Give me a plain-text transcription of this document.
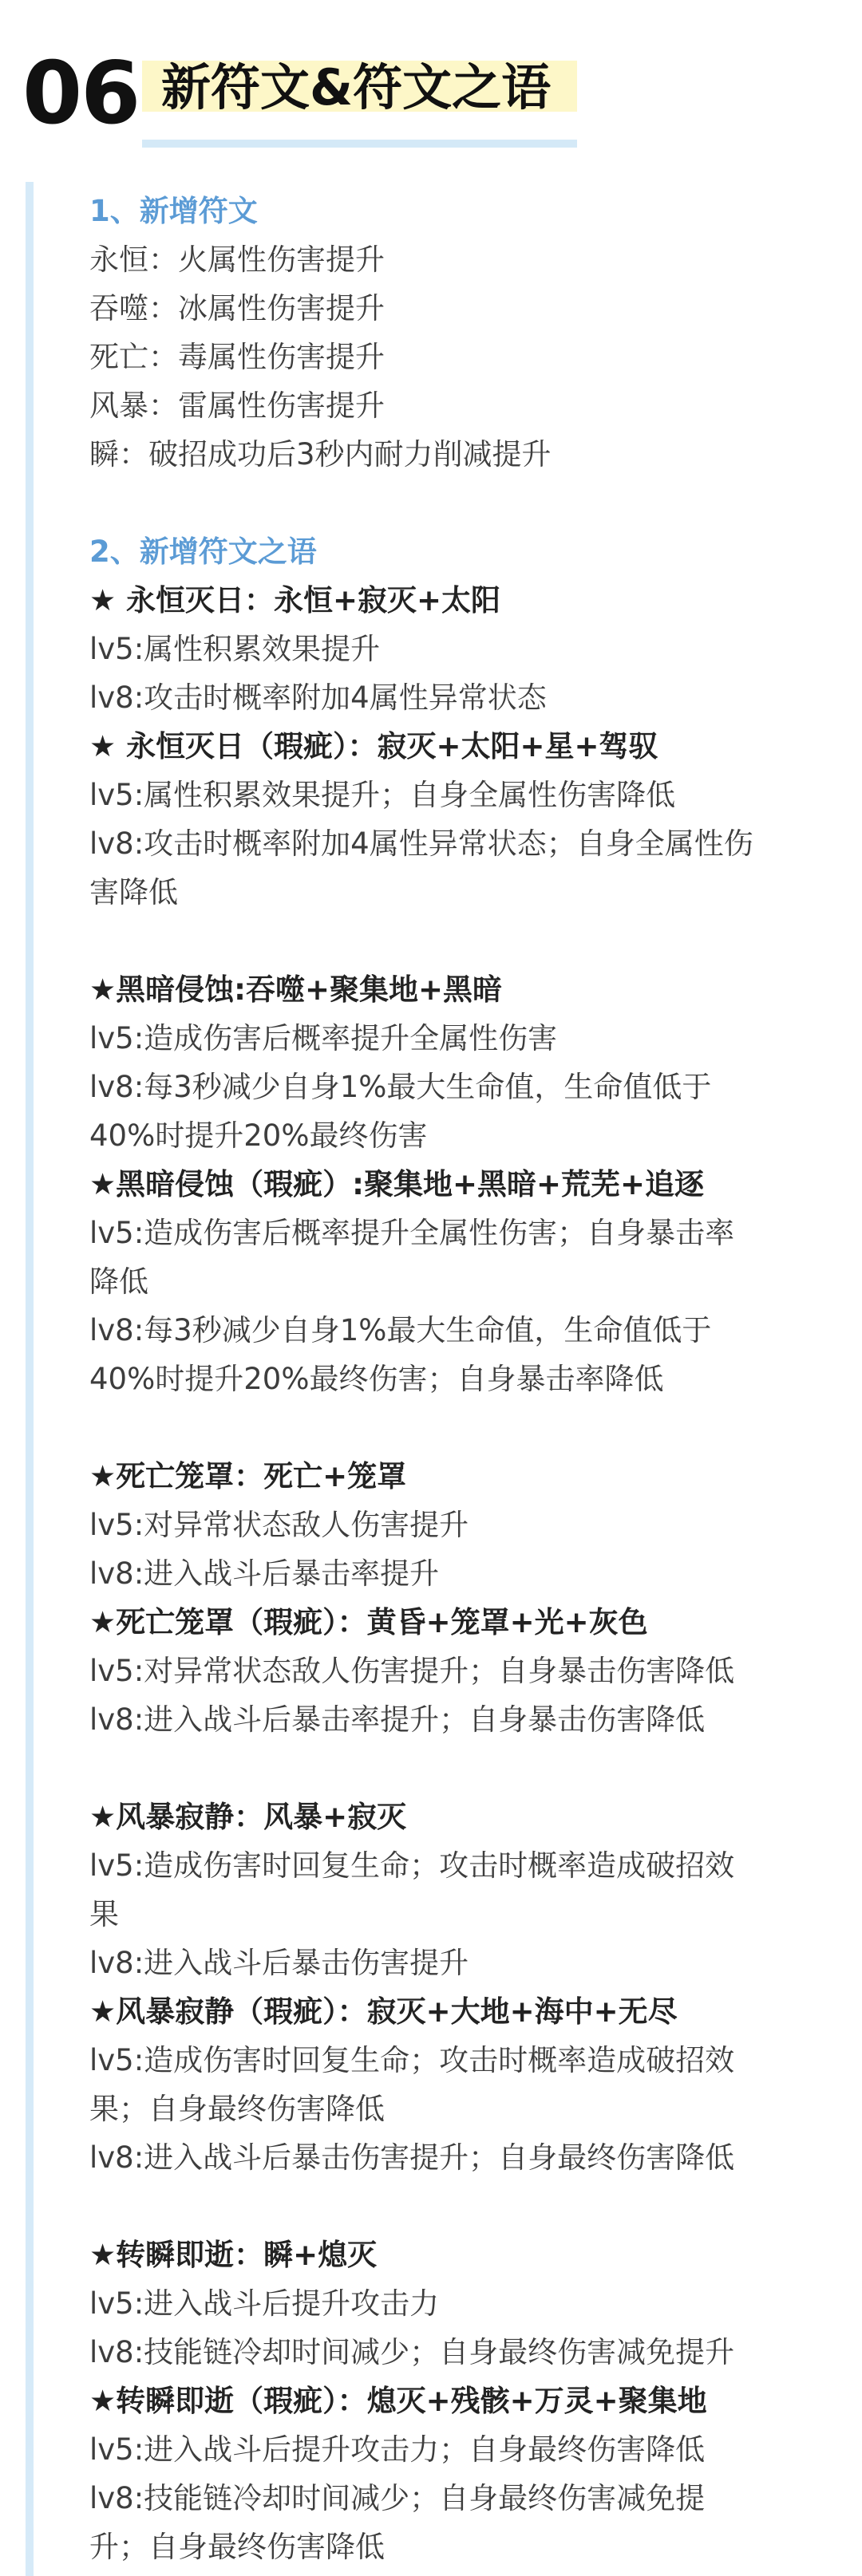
06 新符文&符文之语

1、新增符文

永恒：火属性伤害提升

吞噬：冰属性伤害提升

死亡：毒属性伤害提升

风暴：雷属性伤害提升

瞬：破招成功后3秒内耐力削减提升

2、新增符文之语

★ 永恒灭日：永恒+寂灭+太阳

lv5:属性积累效果提升

lv8:攻击时概率附加4属性异常状态

★ 永恒灭日（瑕疵）：寂灭+太阳+星+驾驭

lv5:属性积累效果提升；自身全属性伤害降低

lv8:攻击时概率附加4属性异常状态；自身全属性伤

害降低

★黑暗侵蚀:吞噬+聚集地+黑暗

lv5:造成伤害后概率提升全属性伤害

lv8:每3秒减少自身1%最大生命值，生命值低于

40%时提升20%最终伤害

★黑暗侵蚀（瑕疵）:聚集地+黑暗+荒芜+追逐

lv5:造成伤害后概率提升全属性伤害；自身暴击率

降低

lv8:每3秒减少自身1%最大生命值，生命值低于

40%时提升20%最终伤害；自身暴击率降低

★死亡笼罩：死亡+笼罩

lv5:对异常状态敌人伤害提升

lv8:进入战斗后暴击率提升

★死亡笼罩（瑕疵）：黄昏+笼罩+光+灰色

lv5:对异常状态敌人伤害提升；自身暴击伤害降低

lv8:进入战斗后暴击率提升；自身暴击伤害降低

★风暴寂静：风暴+寂灭

lv5:造成伤害时回复生命；攻击时概率造成破招效

果

lv8:进入战斗后暴击伤害提升

★风暴寂静（瑕疵）：寂灭+大地+海中+无尽

lv5:造成伤害时回复生命；攻击时概率造成破招效

果；自身最终伤害降低

lv8:进入战斗后暴击伤害提升；自身最终伤害降低

★转瞬即逝：瞬+熄灭

lv5:进入战斗后提升攻击力

lv8:技能链冷却时间减少；自身最终伤害减免提升

★转瞬即逝（瑕疵）：熄灭+残骸+万灵+聚集地

lv5:进入战斗后提升攻击力；自身最终伤害降低

lv8:技能链冷却时间减少；自身最终伤害减免提

升；自身最终伤害降低
